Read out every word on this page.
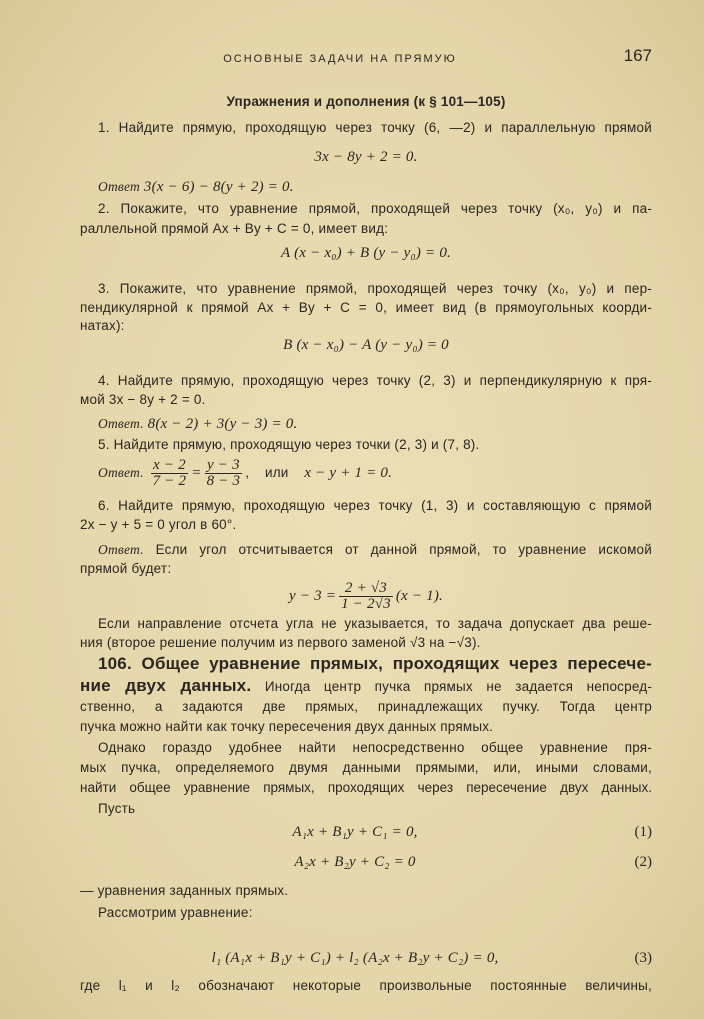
ОСНОВНЫЕ ЗАДАЧИ НА ПРЯМУЮ	167
Упражнения и дополнения (к § 101—105)
1. Найдите прямую, проходящую через точку (6, —2) и параллельную прямой
3x − 8y + 2 = 0.
Ответ 3(x − 6) − 8(y + 2) = 0.
2. Покажите, что уравнение прямой, проходящей через точку (x₀, y₀) и па-
раллельной прямой Ax + By + C = 0, имеет вид:
A (x − x₀) + B (y − y₀) = 0.
3. Покажите, что уравнение прямой, проходящей через точку (x₀, y₀) и пер-
пендикулярной к прямой Ax + By + C = 0, имеет вид (в прямоугольных коорди-
натах):
B (x − x₀) − A (y − y₀) = 0
4. Найдите прямую, проходящую через точку (2, 3) и перпендикулярную к пря-
мой 3x − 8y + 2 = 0.
Ответ. 8(x − 2) + 3(y − 3) = 0.
5. Найдите прямую, проходящую через точки (2, 3) и (7, 8).
Ответ. $\frac{x - 2}{7 - 2} = \frac{y - 3}{8 - 3}$ ,    или x − y + 1 = 0.
6. Найдите прямую, проходящую через точку (1, 3) и составляющую с прямой
2x − y + 5 = 0 угол в 60°.
Ответ. Если угол отсчитывается от данной прямой, то уравнение искомой
прямой будет:
$y - 3 = \frac{2 + √3}{1 - 2√3} (x - 1)$.
Если направление отсчета угла не указывается, то задача допускает два реше-
ния (второе решение получим из первого заменой √3 на −√3).
106. Общее уравнение прямых, проходящих через пересече-
ние двух данных. Иногда центр пучка прямых не задается непосред-
ственно, а задаются две прямых, принадлежащих пучку. Тогда центр
пучка можно найти как точку пересечения двух данных прямых.
Однако гораздо удобнее найти непосредственно общее уравнение пря-
мых пучка, определяемого двумя данными прямыми, или, иными словами,
найти общее уравнение прямых, проходящих через пересечение двух данных.
Пусть
A₁x + B₁y + C₁ = 0,	(1)
A₂x + B₂y + C₂ = 0	(2)
— уравнения заданных прямых.
Рассмотрим уравнение:
l₁ (A₁x + B₁y + C₁) + l₂ (A₂x + B₂y + C₂) = 0,	(3)
где l₁ и l₂ обозначают некоторые произвольные постоянные величины,
